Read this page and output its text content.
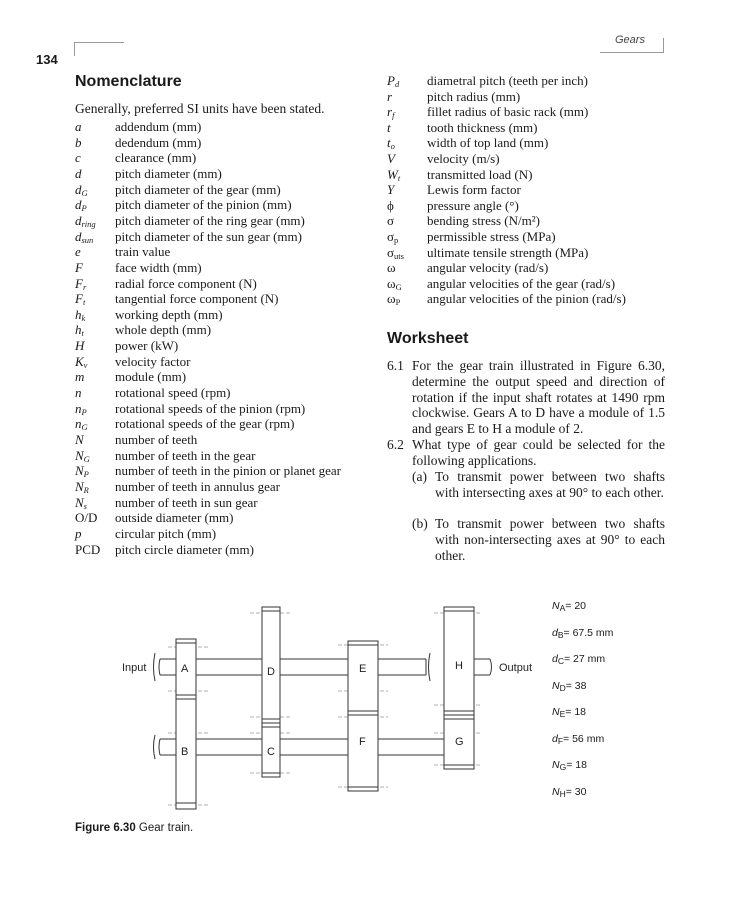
134
Gears
Nomenclature
Generally, preferred SI units have been stated.
a	addendum (mm)
b	dedendum (mm)
c	clearance (mm)
d	pitch diameter (mm)
$d_G$ pitch diameter of the gear (mm)
$d_P$ pitch diameter of the pinion (mm)
$d_{ring}$ pitch diameter of the ring gear (mm)
$d_{sun}$ pitch diameter of the sun gear (mm)
e	train value
F face width (mm)
$F_r$ radial force component (N)
$F_t$ tangential force component (N)
$h_k$ working depth (mm)
$h_t$ whole depth (mm)
H power (kW)
$K_v$ velocity factor
m module (mm)
n	rotational speed (rpm)
$n_P$ rotational speeds of the pinion (rpm)
$n_G$ rotational speeds of the gear (rpm)
N number of teeth
$N_G$ number of teeth in the gear
$N_P$ number of teeth in the pinion or planet gear
$N_R$ number of teeth in annulus gear
$N_s$ number of teeth in sun gear
O/D outside diameter (mm)
p	circular pitch (mm)
PCD pitch circle diameter (mm)
$P_d$ diametral pitch (teeth per inch)
r	pitch radius (mm)
$r_f$	fillet radius of basic rack (mm)
t	tooth thickness (mm)
$t_o$ width of top land (mm)
V velocity (m/s)
$W_t$ transmitted load (N)
Y	Lewis form factor
ϕ	pressure angle (°)
σ	bending stress (N/m²)
$\sigma_p$ permissible stress (MPa)
$\sigma_{uts}$ ultimate tensile strength (MPa)
ω angular velocity (rad/s)
$\omega_G$ angular velocities of the gear (rad/s)
$\omega_P$ angular velocities of the pinion (rad/s)
Worksheet
6.1 For the gear train illustrated in Figure 6.30, determine the output speed and direction of rotation if the input shaft rotates at 1490 rpm clockwise. Gears A to D have a module of 1.5 and gears E to H a module of 2.
6.2 What type of gear could be selected for the following applications.
(a) To transmit power between two shafts with intersecting axes at 90° to each other.
(b) To transmit power between two shafts with non-intersecting axes at 90° to each other.
Input	Output
A
B	C
D	E
F	G
H
$N_A= 20$
$d_B= 67.5$ mm
$d_C= 27$ mm
$N_D= 38$
$N_E= 18$
$d_F= 56$ mm
$N_G= 18$
$N_H= 30$
Figure 6.30 Gear train.
